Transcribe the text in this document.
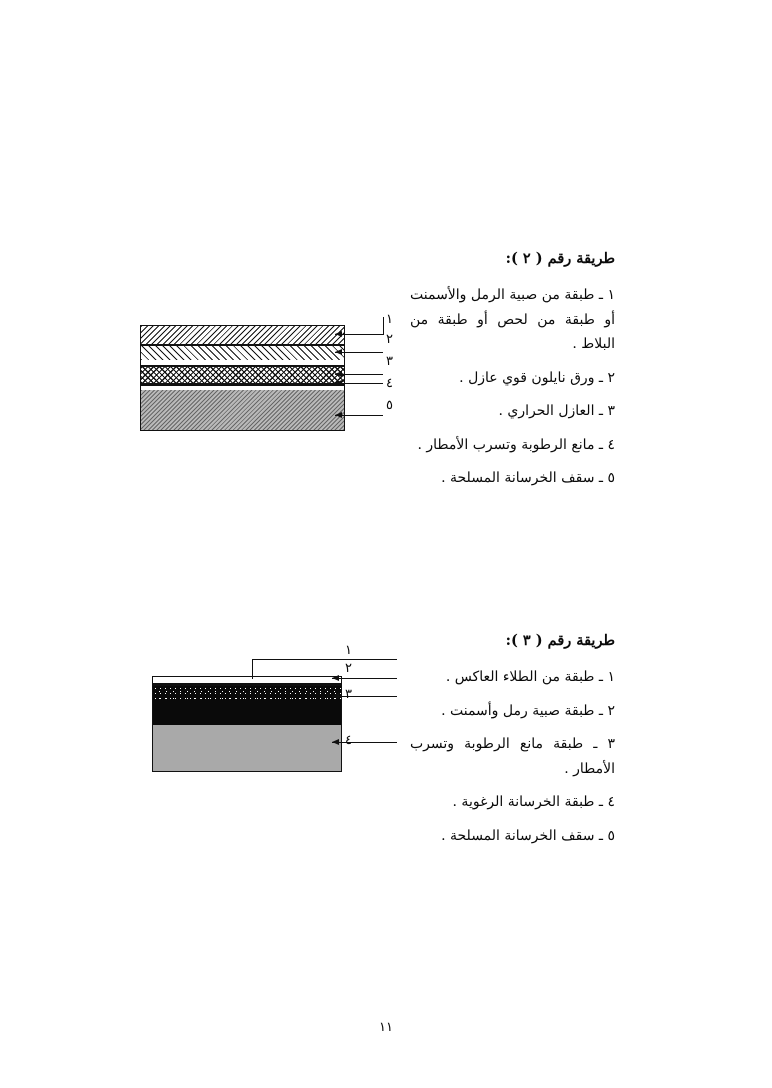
١
٢
٣
٤
٥
طريقة رقم ( ٢ ):
١ ـ طبقة من صبية الرمل والأسمنت أو طبقة من لحص أو طبقة من البلاط .
٢ ـ ورق نايلون قوي عازل .
٣ ـ العازل الحراري .
٤ ـ مانع الرطوبة وتسرب الأمطار .
٥ ـ سقف الخرسانة المسلحة .
١
٢
٣
٤
طريقة رقم ( ٣ ):
١ ـ طبقة من الطلاء العاكس .
٢ ـ طبقة صبية رمل وأسمنت .
٣ ـ طبقة مانع الرطوبة وتسرب الأمطار .
٤ ـ طبقة الخرسانة الرغوية .
٥ ـ سقف الخرسانة المسلحة .
١١
